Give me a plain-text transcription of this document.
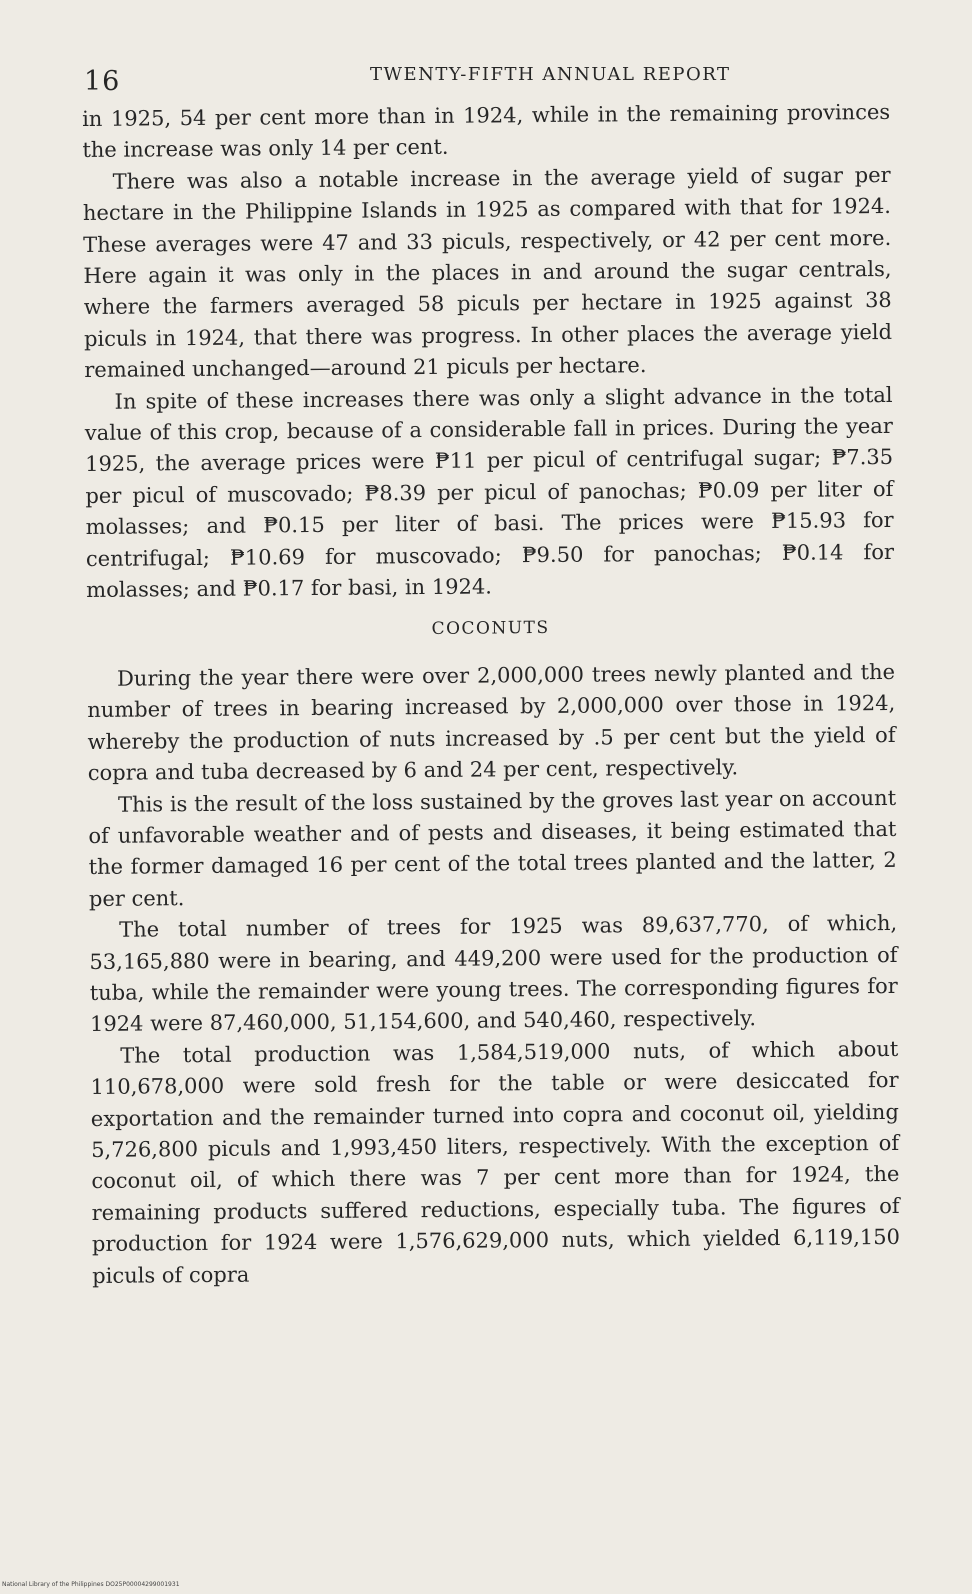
16	TWENTY-FIFTH ANNUAL REPORT

in 1925, 54 per cent more than in 1924, while in the remaining provinces the increase was only 14 per cent.

There was also a notable increase in the average yield of sugar per hectare in the Philippine Islands in 1925 as compared with that for 1924. These averages were 47 and 33 piculs, respectively, or 42 per cent more. Here again it was only in the places in and around the sugar centrals, where the farmers averaged 58 piculs per hectare in 1925 against 38 piculs in 1924, that there was progress. In other places the average yield remained unchanged—around 21 piculs per hectare.

In spite of these increases there was only a slight advance in the total value of this crop, because of a considerable fall in prices. During the year 1925, the average prices were ₱11 per picul of centrifugal sugar; ₱7.35 per picul of muscovado; ₱8.39 per picul of panochas; ₱0.09 per liter of molasses; and ₱0.15 per liter of basi. The prices were ₱15.93 for centrifugal; ₱10.69 for muscovado; ₱9.50 for panochas; ₱0.14 for molasses; and ₱0.17 for basi, in 1924.

COCONUTS

During the year there were over 2,000,000 trees newly planted and the number of trees in bearing increased by 2,000,000 over those in 1924, whereby the production of nuts increased by .5 per cent but the yield of copra and tuba decreased by 6 and 24 per cent, respectively.

This is the result of the loss sustained by the groves last year on account of unfavorable weather and of pests and diseases, it being estimated that the former damaged 16 per cent of the total trees planted and the latter, 2 per cent.

The total number of trees for 1925 was 89,637,770, of which, 53,165,880 were in bearing, and 449,200 were used for the production of tuba, while the remainder were young trees. The corresponding figures for 1924 were 87,460,000, 51,154,600, and 540,460, respectively.

The total production was 1,584,519,000 nuts, of which about 110,678,000 were sold fresh for the table or were desiccated for exportation and the remainder turned into copra and coconut oil, yielding 5,726,800 piculs and 1,993,450 liters, respectively. With the exception of coconut oil, of which there was 7 per cent more than for 1924, the remaining products suffered reductions, especially tuba. The figures of production for 1924 were 1,576,629,000 nuts, which yielded 6,119,150 piculs of copra

National Library of the Philippines DO25P00004299001931
